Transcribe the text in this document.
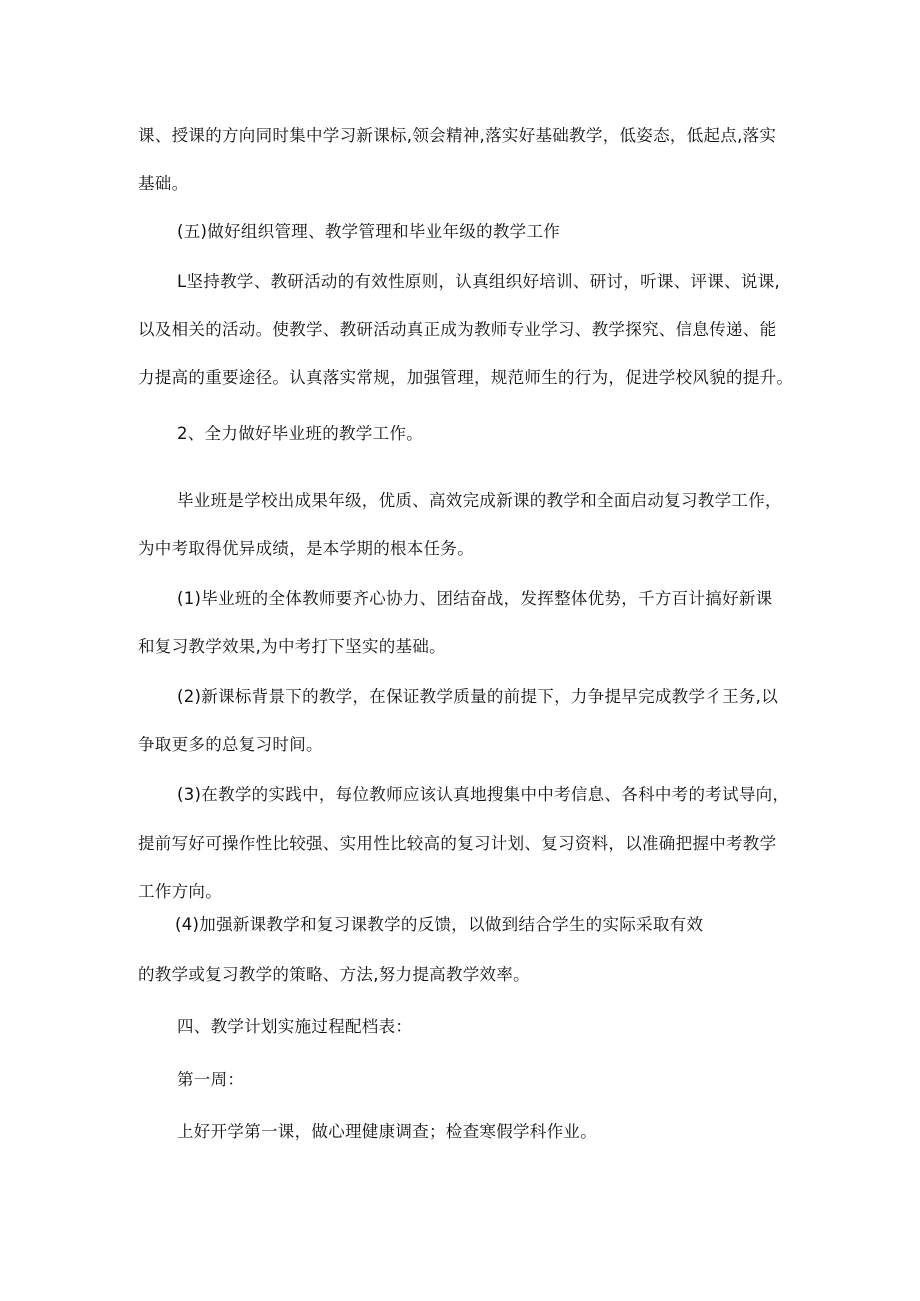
课、授课的方向同时集中学习新课标,领会精神,落实好基础教学，低姿态，低起点,落实
基础。
(五)做好组织管理、教学管理和毕业年级的教学工作
L坚持教学、教研活动的有效性原则，认真组织好培训、研讨，听课、评课、说课,
以及相关的活动。使教学、教研活动真正成为教师专业学习、教学探究、信息传递、能
力提高的重要途径。认真落实常规，加强管理，规范师生的行为，促进学校风貌的提升。
2、全力做好毕业班的教学工作。
毕业班是学校出成果年级，优质、高效完成新课的教学和全面启动复习教学工作，
为中考取得优异成绩，是本学期的根本任务。
(1)毕业班的全体教师要齐心协力、团结奋战，发挥整体优势，千方百计搞好新课
和复习教学效果,为中考打下坚实的基础。
(2)新课标背景下的教学，在保证教学质量的前提下，力争提早完成教学彳王务,以
争取更多的总复习时间。
(3)在教学的实践中，每位教师应该认真地搜集中中考信息、各科中考的考试导向，
提前写好可操作性比较强、实用性比较高的复习计划、复习资料，以准确把握中考教学
工作方向。
(4)加强新课教学和复习课教学的反馈，以做到结合学生的实际采取有效
的教学或复习教学的策略、方法,努力提高教学效率。
四、教学计划实施过程配档表：
第一周：
上好开学第一课，做心理健康调查；检查寒假学科作业。
